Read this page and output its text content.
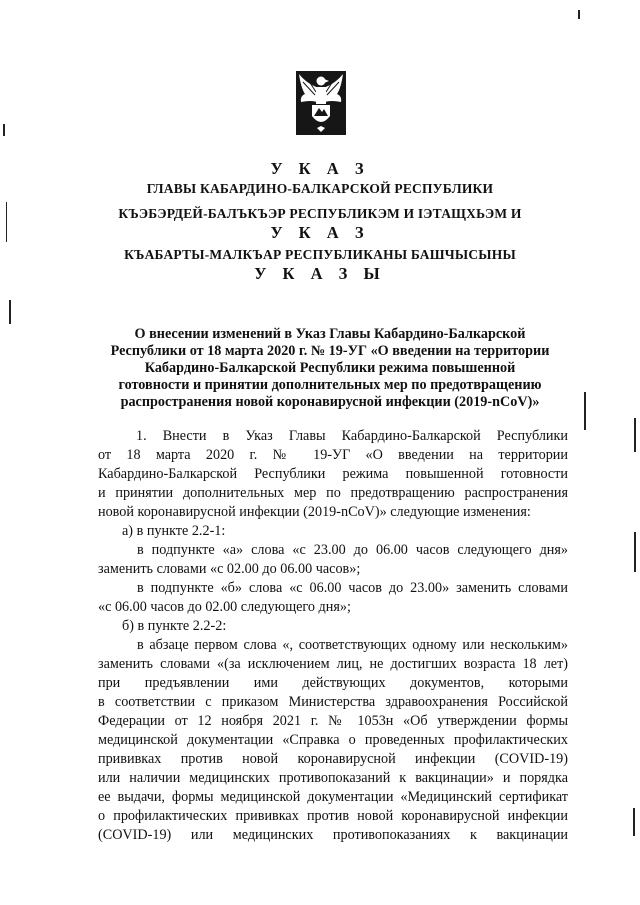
У К А З
ГЛАВЫ КАБАРДИНО-БАЛКАРСКОЙ РЕСПУБЛИКИ
КЪЭБЭРДЕЙ-БАЛЪКЪЭР РЕСПУБЛИКЭМ И IЭТАЩХЬЭМ И
У К А З
КЪАБАРТЫ-МАЛКЪАР РЕСПУБЛИКАНЫ БАШЧЫСЫНЫ
У К А З Ы
О внесении изменений в Указ Главы Кабардино-Балкарской
Республики от 18 марта 2020 г. № 19-УГ «О введении на территории
Кабардино-Балкарской Республики режима повышенной
готовности и принятии дополнительных мер по предотвращению
распространения новой коронавирусной инфекции (2019-nCoV)»
1. Внести в Указ Главы Кабардино-Балкарской Республики
от 18 марта 2020 г. № 19-УГ «О введении на территории
Кабардино-Балкарской Республики режима повышенной готовности
и принятии дополнительных мер по предотвращению распространения
новой коронавирусной инфекции (2019-nCoV)» следующие изменения:
а) в пункте 2.2-1:
в подпункте «а» слова «с 23.00 до 06.00 часов следующего дня»
заменить словами «с 02.00 до 06.00 часов»;
в подпункте «б» слова «с 06.00 часов до 23.00» заменить словами
«с 06.00 часов до 02.00 следующего дня»;
б) в пункте 2.2-2:
в абзаце первом слова «, соответствующих одному или нескольким»
заменить словами «(за исключением лиц, не достигших возраста 18 лет)
при предъявлении ими действующих документов, которыми
в соответствии с приказом Министерства здравоохранения Российской
Федерации от 12 ноября 2021 г. № 1053н «Об утверждении формы
медицинской документации «Справка о проведенных профилактических
прививках против новой коронавирусной инфекции (COVID-19)
или наличии медицинских противопоказаний к вакцинации» и порядка
ее выдачи, формы медицинской документации «Медицинский сертификат
о профилактических прививках против новой коронавирусной инфекции
(COVID-19) или медицинских противопоказаниях к вакцинации
